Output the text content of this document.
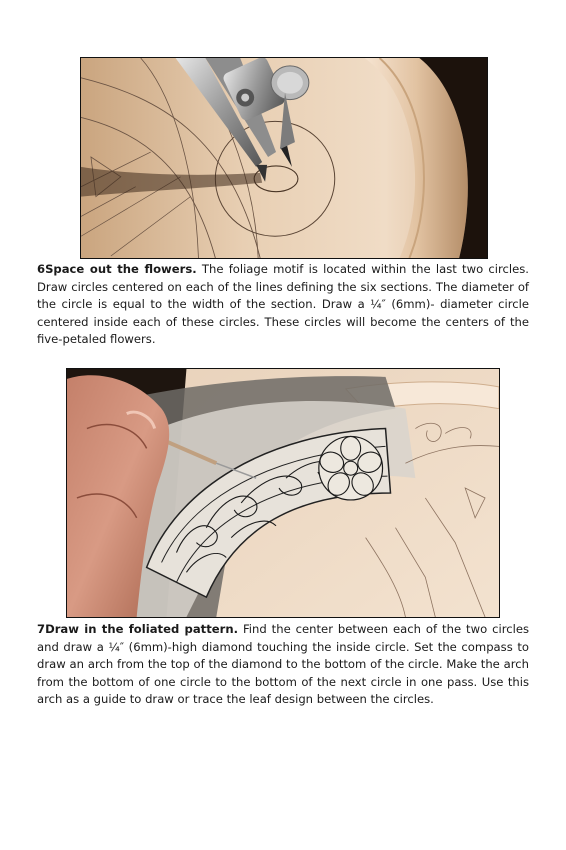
6Space out the flowers. The foliage motif is located within the last two circles. Draw circles centered on each of the lines defining the six sections. The diameter of the circle is equal to the width of the section. Draw a ¼″ (6mm)- diameter circle centered inside each of these circles. These circles will become the centers of the five-petaled flowers.

7Draw in the foliated pattern. Find the center between each of the two circles and draw a ¼″ (6mm)-high diamond touching the inside circle. Set the compass to draw an arch from the top of the diamond to the bottom of the circle. Make the arch from the bottom of one circle to the bottom of the next circle in one pass. Use this arch as a guide to draw or trace the leaf design between the circles.
